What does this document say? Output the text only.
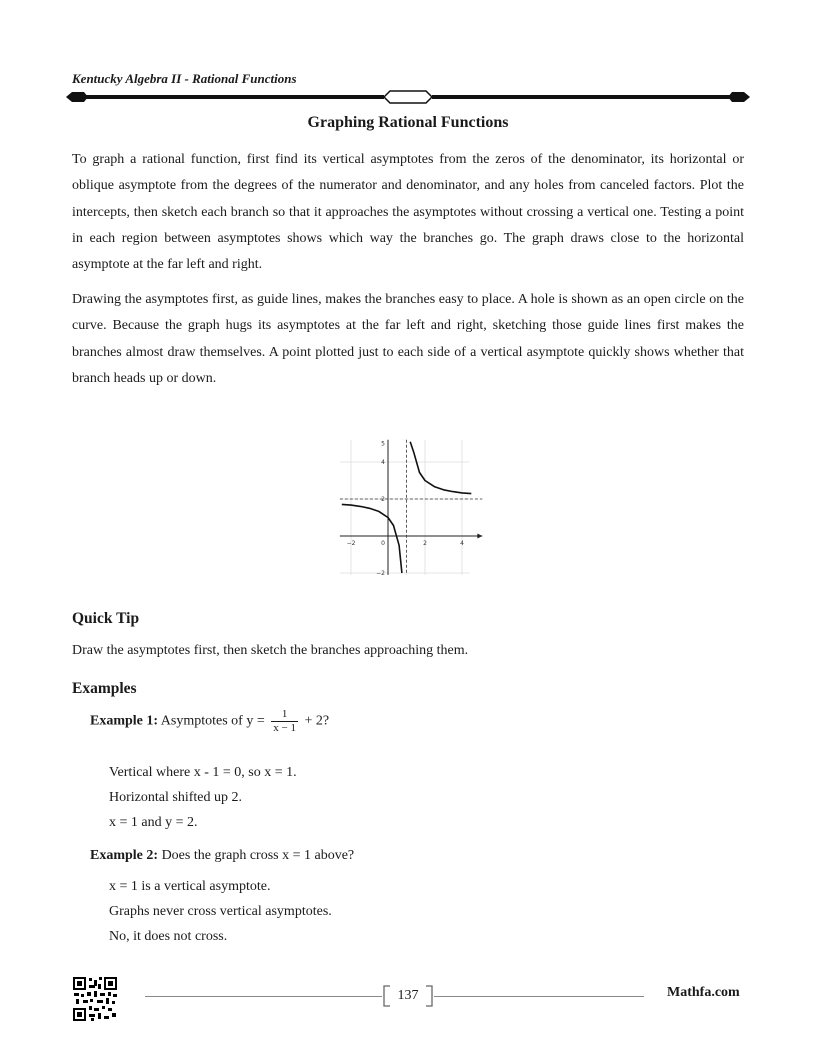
Kentucky Algebra II - Rational Functions
Graphing Rational Functions

To graph a rational function, first find its vertical asymptotes from the zeros of the denominator, its horizontal or oblique asymptote from the degrees of the numerator and denominator, and any holes from canceled factors. Plot the intercepts, then sketch each branch so that it approaches the asymptotes without crossing a vertical one. Testing a point in each region between asymptotes shows which way the branches go. The graph draws close to the horizontal asymptote at the far left and right.

Drawing the asymptotes first, as guide lines, makes the branches easy to place. A hole is shown as an open circle on the curve. Because the graph hugs its asymptotes at the far left and right, sketching those guide lines first makes the branches almost draw themselves. A point plotted just to each side of a vertical asymptote quickly shows whether that branch heads up or down.

−2	2	4
−2
2
4
5
0
Quick Tip
Draw the asymptotes first, then sketch the branches approaching them.
Examples
Example 1: Asymptotes of $y = \frac{1}{x - 1} + 2$?
Vertical where x - 1 = 0, so x = 1.
Horizontal shifted up 2.
x = 1 and y = 2.
Example 2: Does the graph cross x = 1 above?
x = 1 is a vertical asymptote.
Graphs never cross vertical asymptotes.
No, it does not cross.
137	Mathfa.com
